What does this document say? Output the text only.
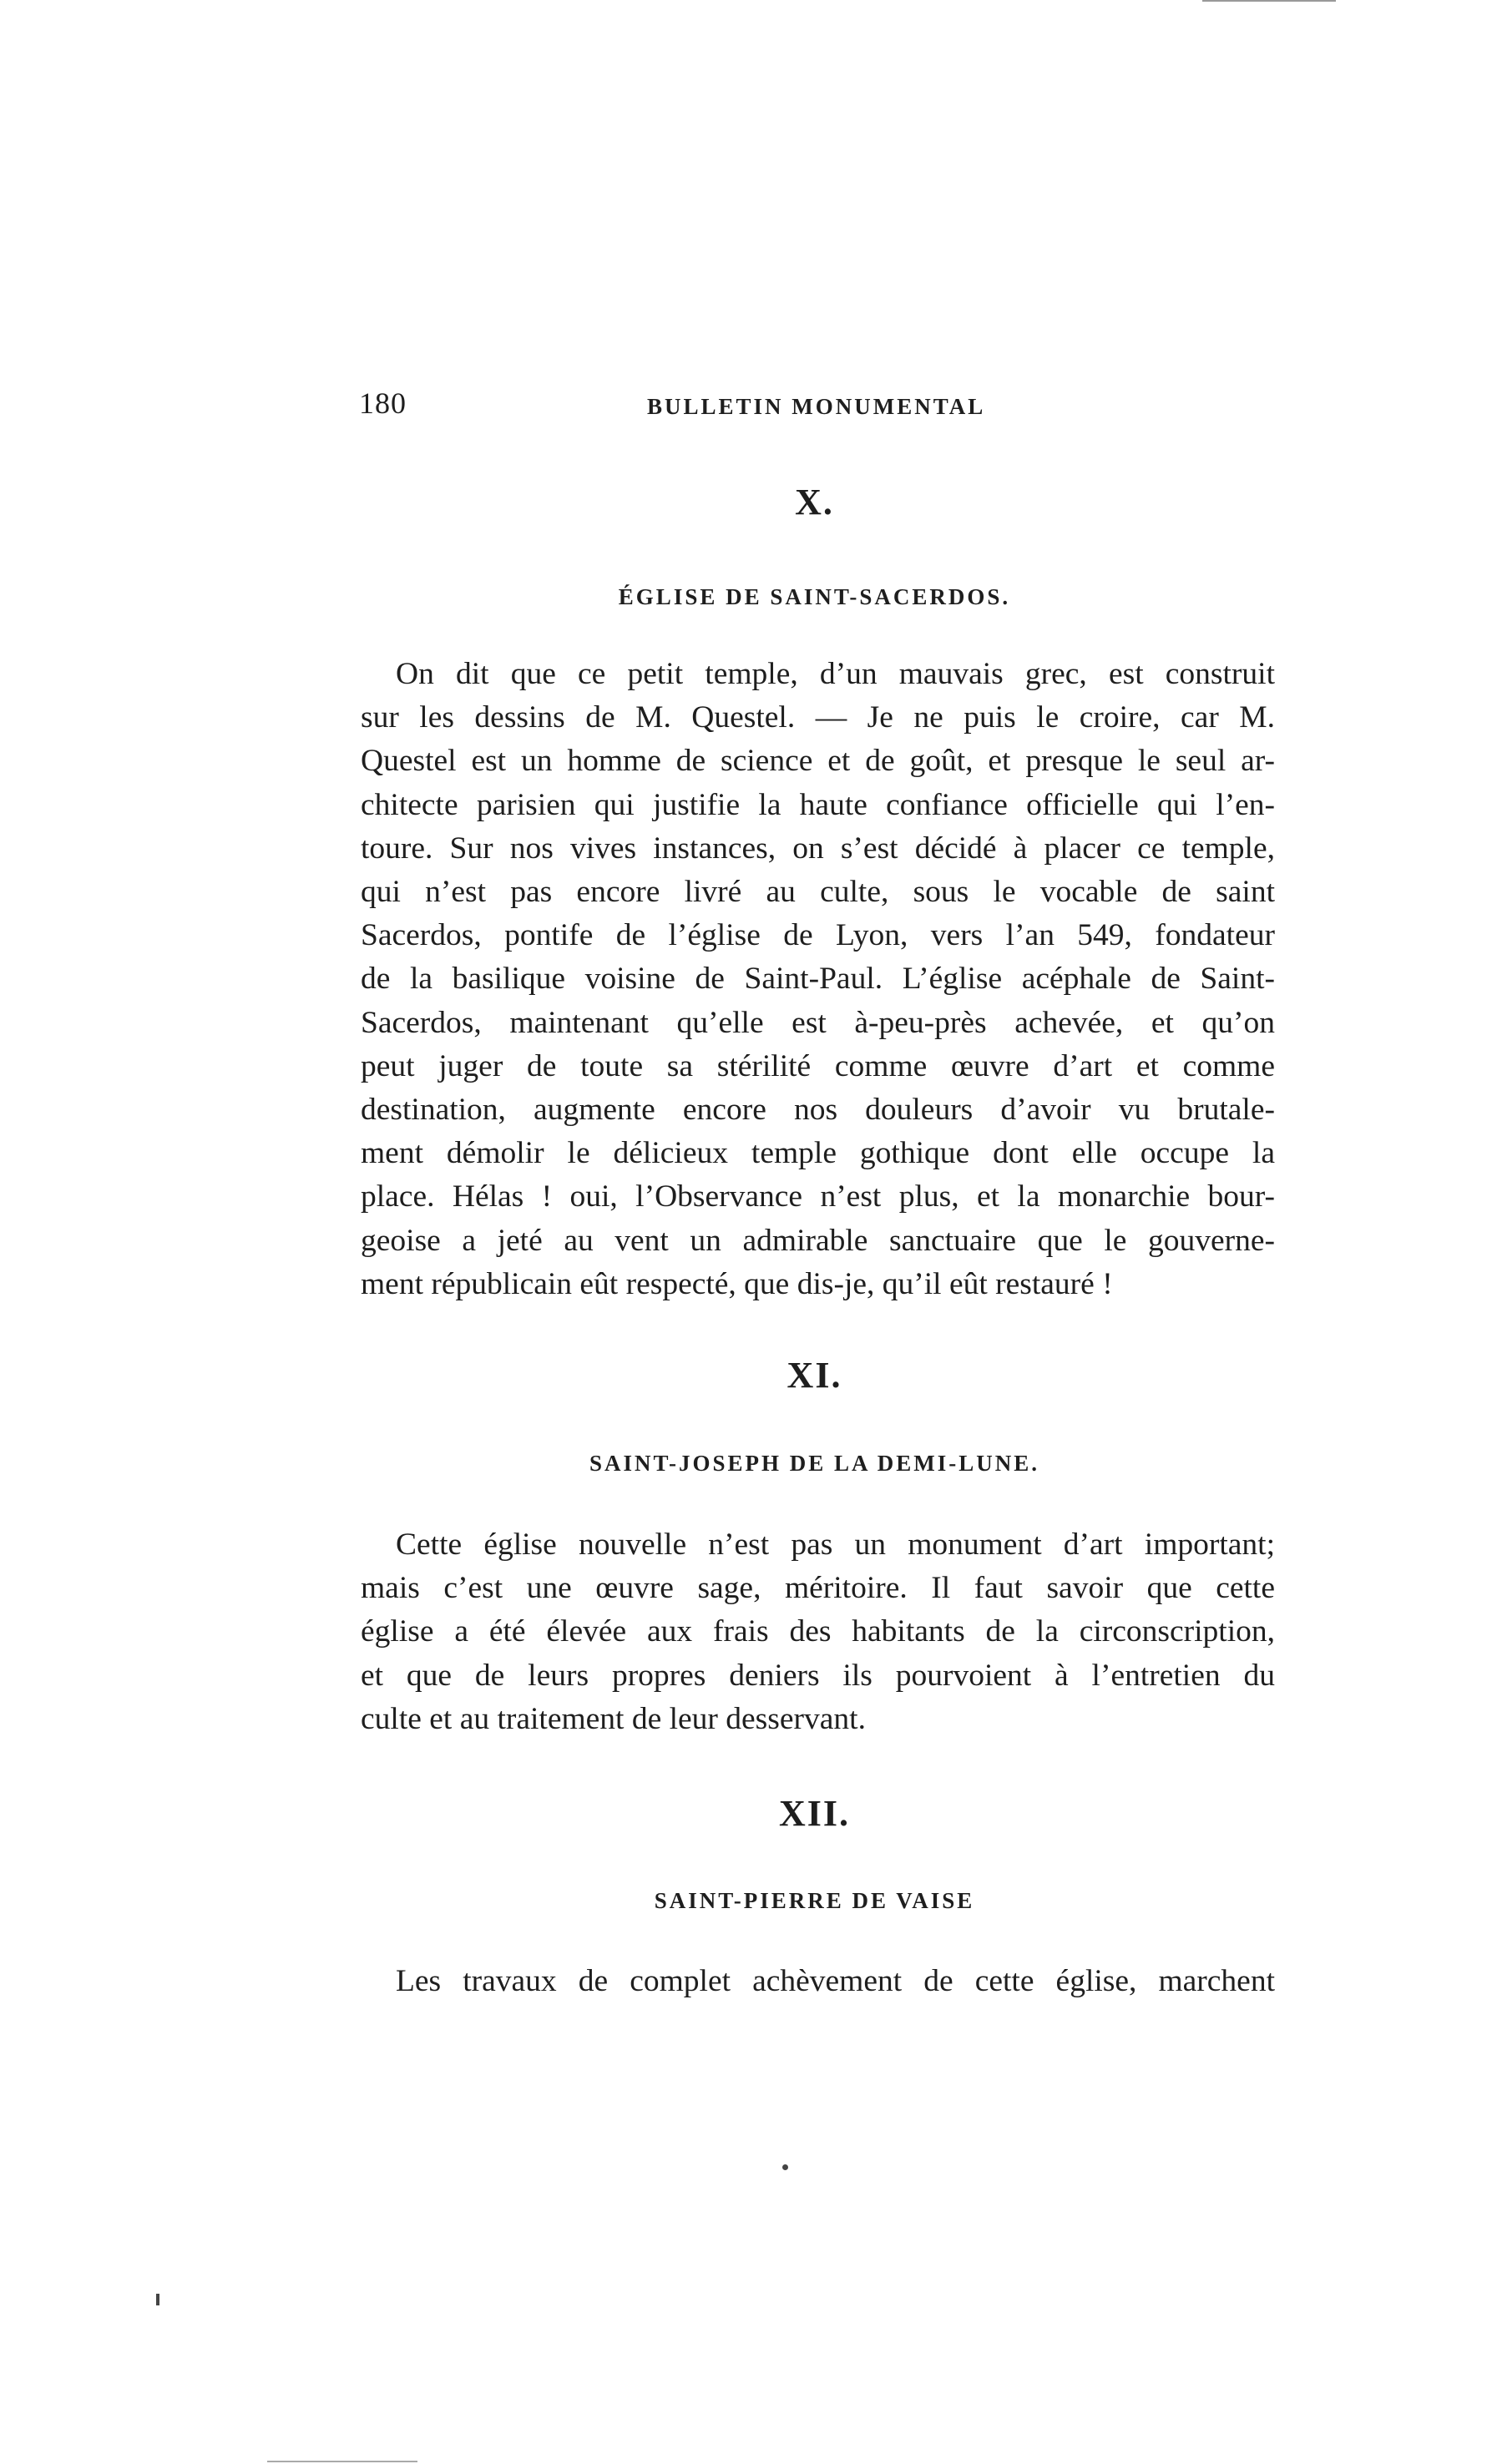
180	BULLETIN MONUMENTAL
X.
ÉGLISE DE SAINT-SACERDOS.
On dit que ce petit temple, d’un mauvais grec, est construit
sur les dessins de M. Questel. — Je ne puis le croire, car M.
Questel est un homme de science et de goût, et presque le seul ar-
chitecte parisien qui justifie la haute confiance officielle qui l’en-
toure. Sur nos vives instances, on s’est décidé à placer ce temple,
qui n’est pas encore livré au culte, sous le vocable de saint
Sacerdos, pontife de l’église de Lyon, vers l’an 549, fondateur
de la basilique voisine de Saint-Paul. L’église acéphale de Saint-
Sacerdos, maintenant qu’elle est à-peu-près achevée, et qu’on
peut juger de toute sa stérilité comme œuvre d’art et comme
destination, augmente encore nos douleurs d’avoir vu brutale-
ment démolir le délicieux temple gothique dont elle occupe la
place. Hélas ! oui, l’Observance n’est plus, et la monarchie bour-
geoise a jeté au vent un admirable sanctuaire que le gouverne-
ment républicain eût respecté, que dis-je, qu’il eût restauré !
XI.
SAINT-JOSEPH DE LA DEMI-LUNE.
Cette église nouvelle n’est pas un monument d’art important;
mais c’est une œuvre sage, méritoire. Il faut savoir que cette
église a été élevée aux frais des habitants de la circonscription,
et que de leurs propres deniers ils pourvoient à l’entretien du
culte et au traitement de leur desservant.
XII.
SAINT-PIERRE DE VAISE
Les travaux de complet achèvement de cette église, marchent
